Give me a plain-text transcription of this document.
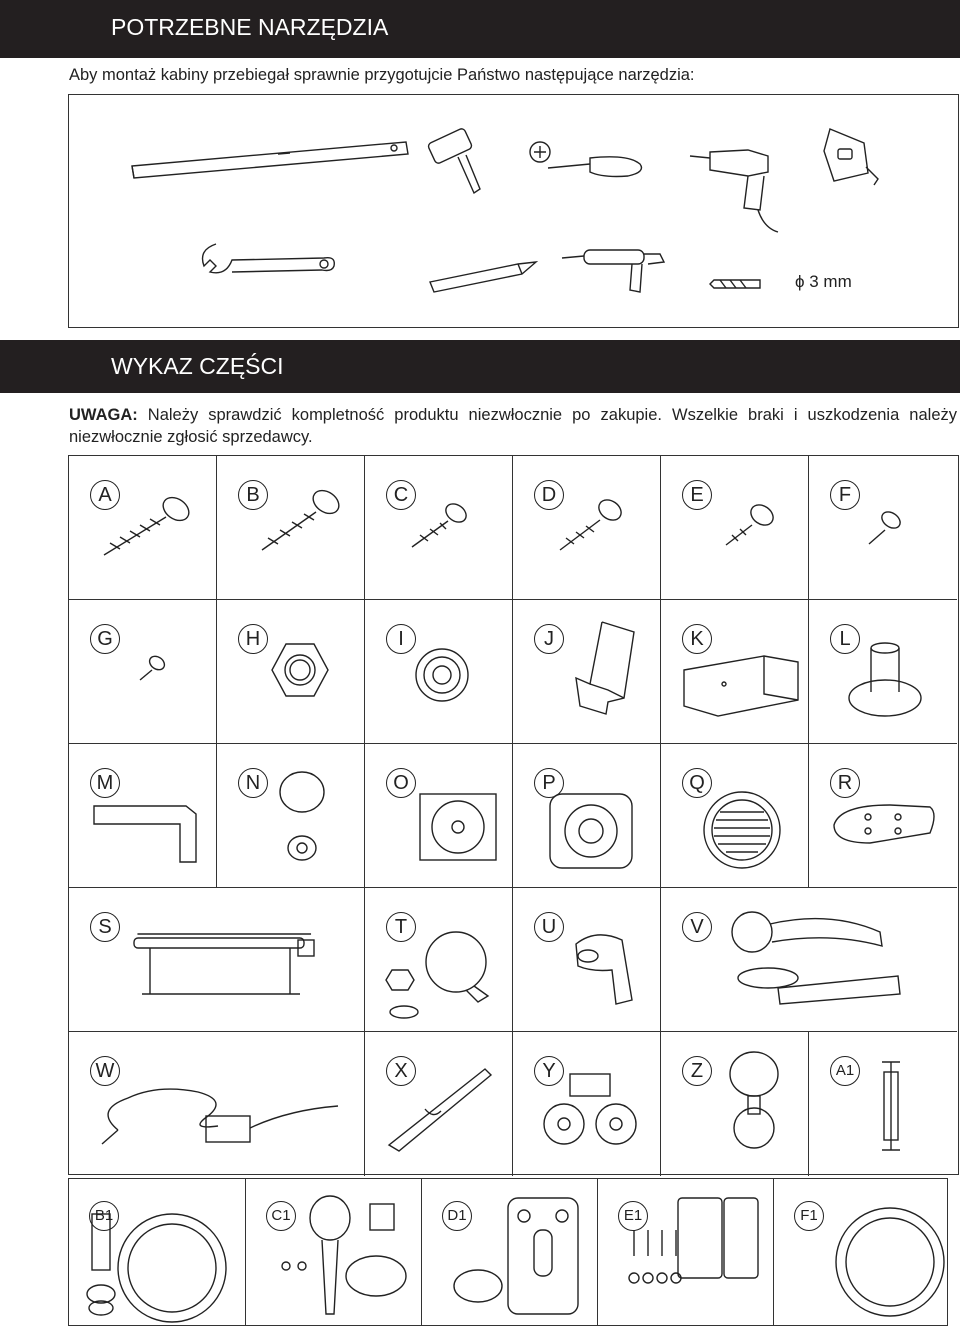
POTRZEBNE NARZĘDZIA
Aby montaż kabiny przebiegał sprawnie przygotujcie Państwo następujące narzędzia:
ϕ 3 mm
WYKAZ CZĘŚCI
UWAGA: Należy sprawdzić kompletność produktu niezwłocznie po zakupie. Wszelkie braki i uszkodzenia należy niezwłocznie zgłosić sprzedawcy.
A	B	C	D	E	F
G	H	I	J	K	L
M	N	O	P	Q	R
S	T	U	V
W	X	Y	Z	A1
B1	C1	D1	E1	F1
